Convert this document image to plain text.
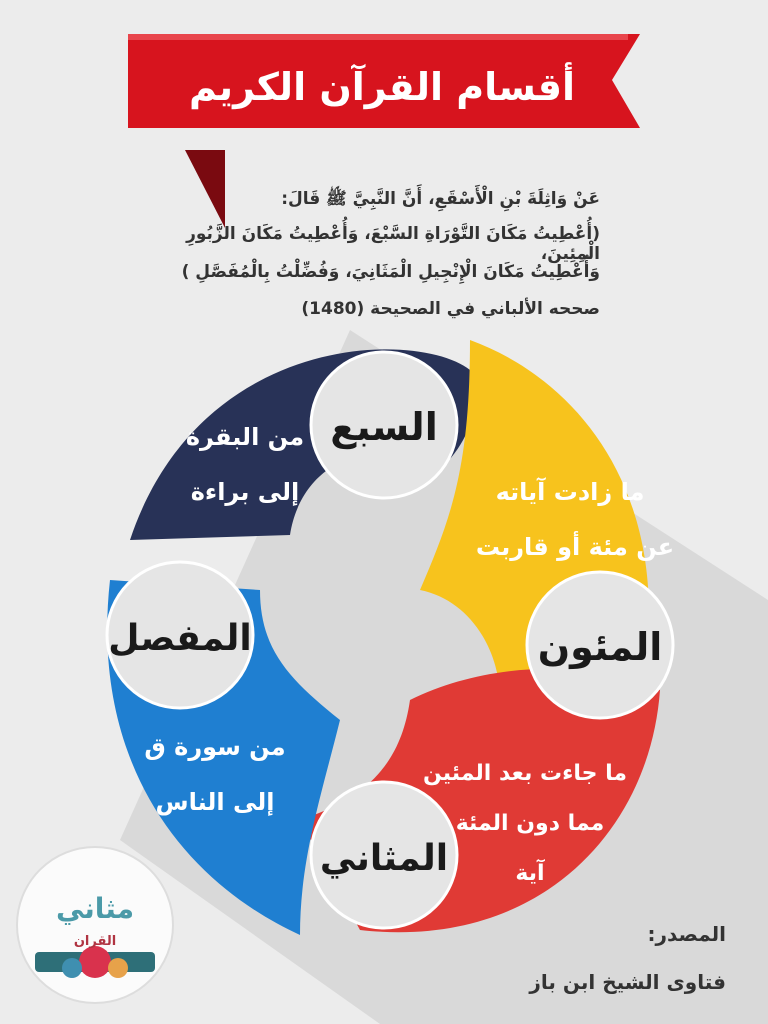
أقسام القرآن الكريم
السبع
المئون
المثاني
المفصل
من البقرة
إلى براءة	ما زادت آياته
عن مئة أو قاربت
ما جاءت بعد المئين
مما دون المئة
آية
من سورة ق
إلى الناس
مثاني
القران
عَنْ وَاثِلَةَ بْنِ الْأَسْقَعِ، أَنَّ النَّبِيَّ ﷺ قَالَ:
(أُعْطِيتُ مَكَانَ التَّوْرَاةِ السَّبْعَ، وَأُعْطِيتُ مَكَانَ الزَّبُورِ الْمِئِينَ،
وَأُعْطِيتُ مَكَانَ الْإِنْجِيلِ الْمَثَانِيَ، وَفُضِّلْتُ بِالْمُفَصَّلِ )
صححه الألباني في الصحيحة (1480)
المصدر:
فتاوى الشيخ ابن باز
